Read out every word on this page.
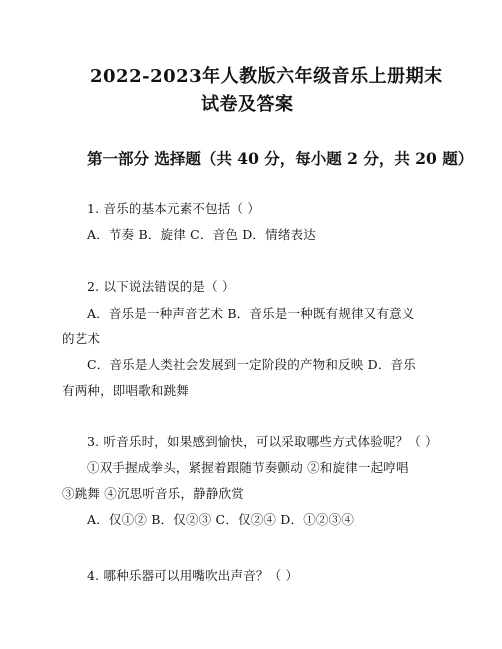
2022-2023年人教版六年级音乐上册期末
试卷及答案
第一部分 选择题（共 40 分，每小题 2 分，共 20 题）
1. 音乐的基本元素不包括（ ）
A．节奏 B．旋律 C．音色 D．情绪表达
2. 以下说法错误的是（ ）
A．音乐是一种声音艺术 B．音乐是一种既有规律又有意义
的艺术
C．音乐是人类社会发展到一定阶段的产物和反映 D．音乐
有两种，即唱歌和跳舞
3. 听音乐时，如果感到愉快，可以采取哪些方式体验呢？（ ）
①双手握成拳头，紧握着跟随节奏颤动 ②和旋律一起哼唱
③跳舞 ④沉思听音乐，静静欣赏
A．仅①② B．仅②③ C．仅②④ D．①②③④
4. 哪种乐器可以用嘴吹出声音？（ ）
